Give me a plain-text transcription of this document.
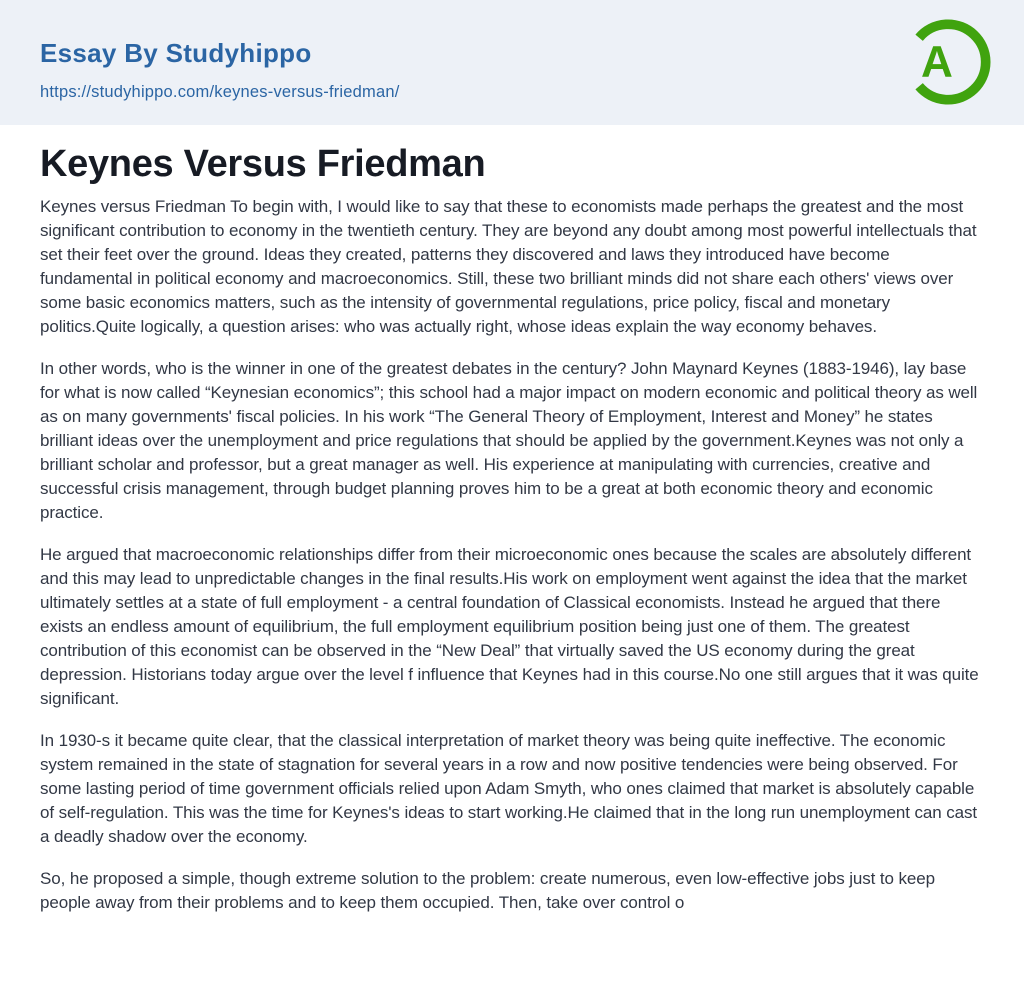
Essay By Studyhippo
https://studyhippo.com/keynes-versus-friedman/
A
Keynes Versus Friedman

Keynes versus Friedman To begin with, I would like to say that these to economists made perhaps the greatest and the most significant contribution to economy in the twentieth century. They are beyond any doubt among most powerful intellectuals that set their feet over the ground. Ideas they created, patterns they discovered and laws they introduced have become fundamental in political economy and macroeconomics. Still, these two brilliant minds did not share each others' views over some basic economics matters, such as the intensity of governmental regulations, price policy, fiscal and monetary politics.Quite logically, a question arises: who was actually right, whose ideas explain the way economy behaves.

In other words, who is the winner in one of the greatest debates in the century? John Maynard Keynes (1883-1946), lay base for what is now called “Keynesian economics”; this school had a major impact on modern economic and political theory as well as on many governments' fiscal policies. In his work “The General Theory of Employment, Interest and Money” he states brilliant ideas over the unemployment and price regulations that should be applied by the government.Keynes was not only a brilliant scholar and professor, but a great manager as well. His experience at manipulating with currencies, creative and successful crisis management, through budget planning proves him to be a great at both economic theory and economic practice.

He argued that macroeconomic relationships differ from their microeconomic ones because the scales are absolutely different and this may lead to unpredictable changes in the final results.His work on employment went against the idea that the market ultimately settles at a state of full employment - a central foundation of Classical economists. Instead he argued that there exists an endless amount of equilibrium, the full employment equilibrium position being just one of them. The greatest contribution of this economist can be observed in the “New Deal” that virtually saved the US economy during the great depression. Historians today argue over the level f influence that Keynes had in this course.No one still argues that it was quite significant.

In 1930-s it became quite clear, that the classical interpretation of market theory was being quite ineffective. The economic system remained in the state of stagnation for several years in a row and now positive tendencies were being observed. For some lasting period of time government officials relied upon Adam Smyth, who ones claimed that market is absolutely capable of self-regulation. This was the time for Keynes's ideas to start working.He claimed that in the long run unemployment can cast a deadly shadow over the economy.

So, he proposed a simple, though extreme solution to the problem: create numerous, even low-effective jobs just to keep people away from their problems and to keep them occupied. Then, take over control o
